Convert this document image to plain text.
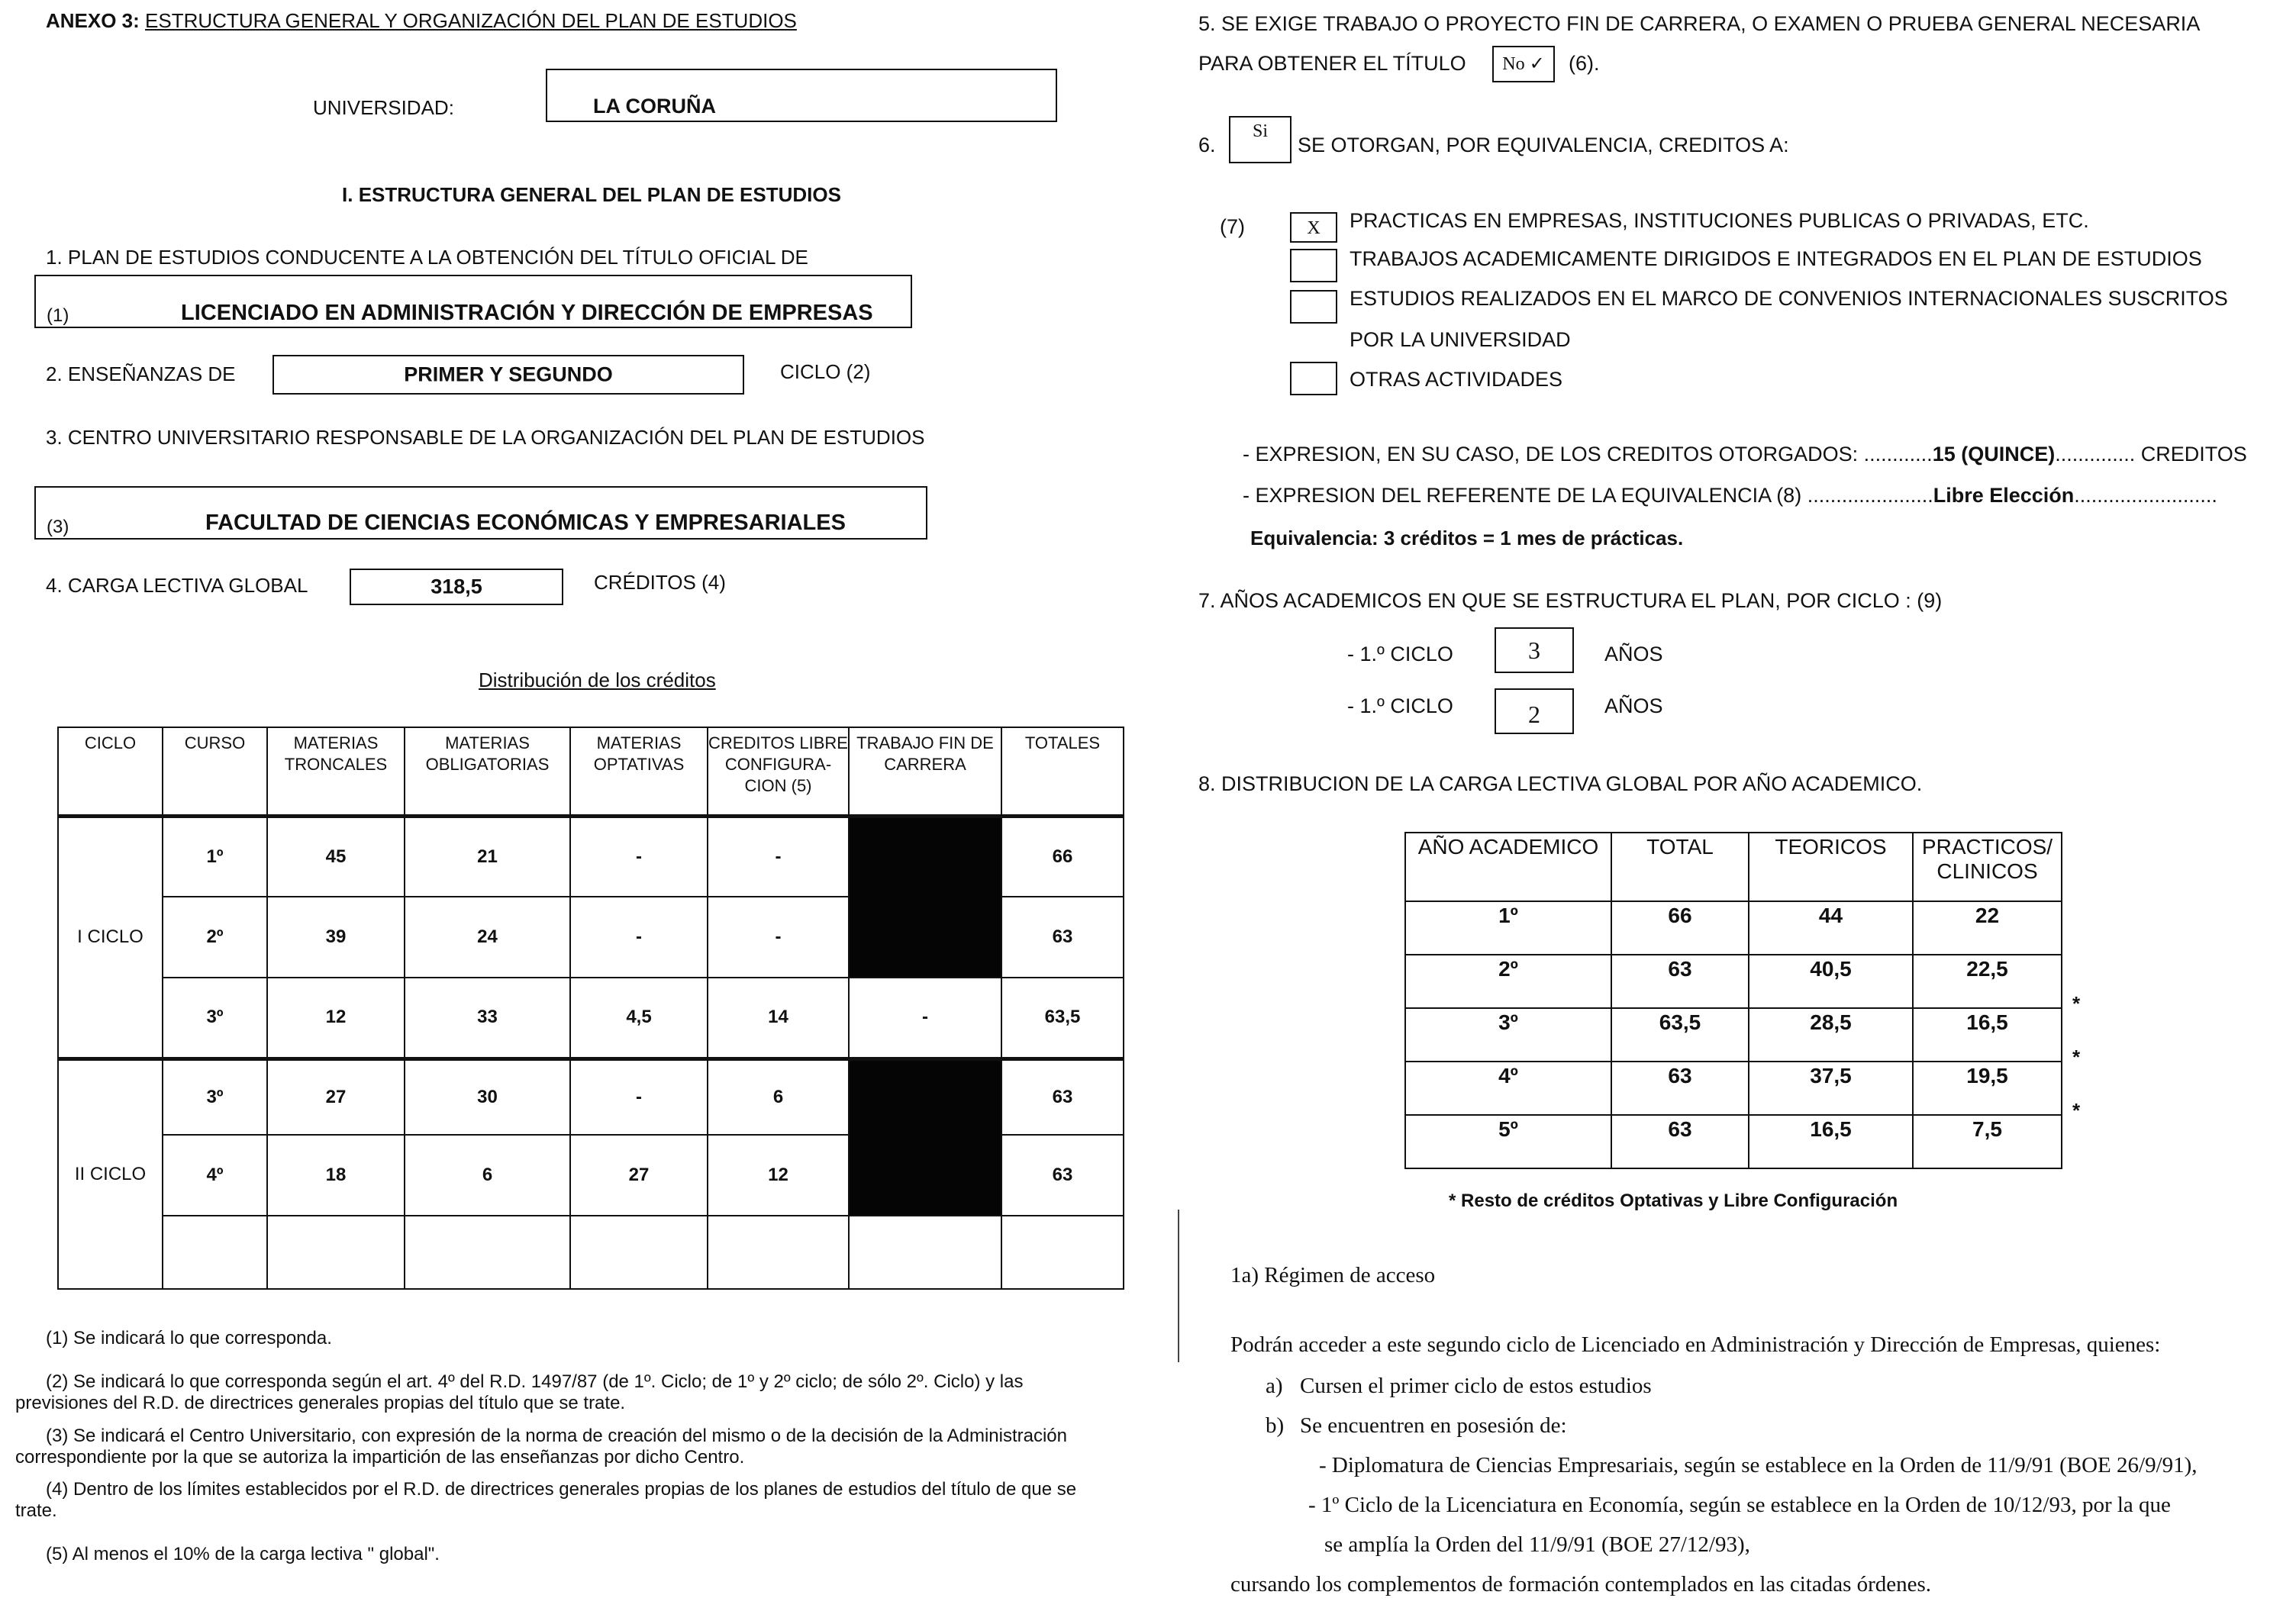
ANEXO 3: ESTRUCTURA GENERAL Y ORGANIZACIÓN DEL PLAN DE ESTUDIOS
UNIVERSIDAD:	LA CORUÑA
I. ESTRUCTURA GENERAL DEL PLAN DE ESTUDIOS
1. PLAN DE ESTUDIOS CONDUCENTE A LA OBTENCIÓN DEL TÍTULO OFICIAL DE
(1)	LICENCIADO EN ADMINISTRACIÓN Y DIRECCIÓN DE EMPRESAS
2. ENSEÑANZAS DE	PRIMER Y SEGUNDO	CICLO (2)
3. CENTRO UNIVERSITARIO RESPONSABLE DE LA ORGANIZACIÓN DEL PLAN DE ESTUDIOS
(3)	FACULTAD DE CIENCIAS ECONÓMICAS Y EMPRESARIALES
4. CARGA LECTIVA GLOBAL	318,5	CRÉDITOS (4)
Distribución de los créditos
CICLO	CURSO	MATERIAS TRONCALES	MATERIAS OBLIGATORIAS	MATERIAS OPTATIVAS	CREDITOS LIBRE CONFIGURA- CION (5)	TRABAJO FIN DE CARRERA	TOTALES
I CICLO	1º	45	21	-	-		66
	2º	39	24	-	-		63
	3º	12	33	4,5	14	-	63,5
II CICLO	3º	27	30	-	6		63
	4º	18	6	27	12		63

(1) Se indicará lo que corresponda.
(2) Se indicará lo que corresponda según el art. 4º del R.D. 1497/87 (de 1º. Ciclo; de 1º y 2º ciclo; de sólo 2º. Ciclo) y las
previsiones del R.D. de directrices generales propias del título que se trate.
(3) Se indicará el Centro Universitario, con expresión de la norma de creación del mismo o de la decisión de la Administración
correspondiente por la que se autoriza la impartición de las enseñanzas por dicho Centro.
(4) Dentro de los límites establecidos por el R.D. de directrices generales propias de los planes de estudios del título de que se
trate.
(5) Al menos el 10% de la carga lectiva " global".
5. SE EXIGE TRABAJO O PROYECTO FIN DE CARRERA, O EXAMEN O PRUEBA GENERAL NECESARIA
PARA OBTENER EL TÍTULO	No ✓	(6).
6.
Si
SE OTORGAN, POR EQUIVALENCIA, CREDITOS A:
(7)	X	PRACTICAS EN EMPRESAS, INSTITUCIONES PUBLICAS O PRIVADAS, ETC.
TRABAJOS ACADEMICAMENTE DIRIGIDOS E INTEGRADOS EN EL PLAN DE ESTUDIOS
ESTUDIOS REALIZADOS EN EL MARCO DE CONVENIOS INTERNACIONALES SUSCRITOS
POR LA UNIVERSIDAD
OTRAS ACTIVIDADES
- EXPRESION, EN SU CASO, DE LOS CREDITOS OTORGADOS: ............15 (QUINCE).............. CREDITOS
- EXPRESION DEL REFERENTE DE LA EQUIVALENCIA (8) ......................Libre Elección.........................
Equivalencia: 3 créditos = 1 mes de prácticas.
7. AÑOS ACADEMICOS EN QUE SE ESTRUCTURA EL PLAN, POR CICLO : (9)
- 1.º CICLO	3	AÑOS
- 1.º CICLO	2	AÑOS
8. DISTRIBUCION DE LA CARGA LECTIVA GLOBAL POR AÑO ACADEMICO.
AÑO ACADEMICO	TOTAL	TEORICOS	PRACTICOS/ CLINICOS
1º	66	44	22
2º	63	40,5	22,5
3º	63,5	28,5	16,5
4º	63	37,5	19,5
5º	63	16,5	7,5
*
*
*
* Resto de créditos Optativas y Libre Configuración
1a) Régimen de acceso
Podrán acceder a este segundo ciclo de Licenciado en Administración y Dirección de Empresas, quienes:
a) Cursen el primer ciclo de estos estudios
b) Se encuentren en posesión de:
- Diplomatura de Ciencias Empresariais, según se establece en la Orden de 11/9/91 (BOE 26/9/91),
- 1º Ciclo de la Licenciatura en Economía, según se establece en la Orden de 10/12/93, por la que
se amplía la Orden del 11/9/91 (BOE 27/12/93),
cursando los complementos de formación contemplados en las citadas órdenes.
